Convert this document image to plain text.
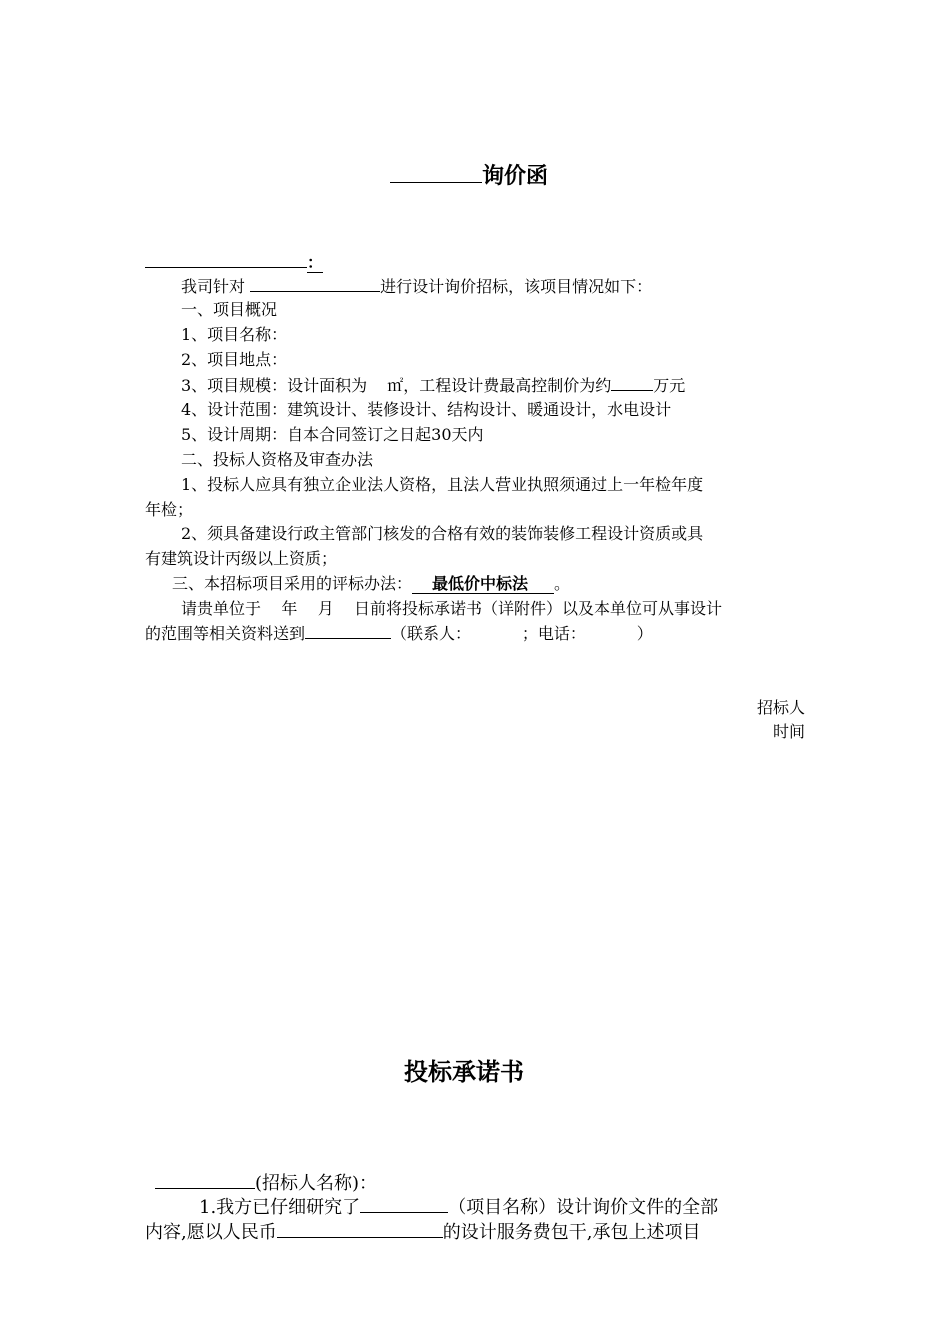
询价函
：
我司针对	进行设计询价招标，该项目情况如下：
一、项目概况
1、项目名称：
2、项目地点：
3、项目规模：设计面积为 ㎡，工程设计费最高控制价为约	万元
4、设计范围：建筑设计、装修设计、结构设计、暖通设计，水电设计
5、设计周期：自本合同签订之日起30天内
二、投标人资格及审查办法
1、投标人应具有独立企业法人资格，且法人营业执照须通过上一年检年度
年检；
2、须具备建设行政主管部门核发的合格有效的装饰装修工程设计资质或具
有建筑设计丙级以上资质；
三、本招标项目采用的评标办法： 最低价中标法 。
请贵单位于    年    月    日前将投标承诺书（详附件）以及本单位可从事设计
的范围等相关资料送到	（联系人：          ；电话：          ）
招标人
时间
投标承诺书
(招标人名称)：
1.我方已仔细研究了	（项目名称）设计询价文件的全部
内容,愿以人民币	的设计服务费包干,承包上述项目
